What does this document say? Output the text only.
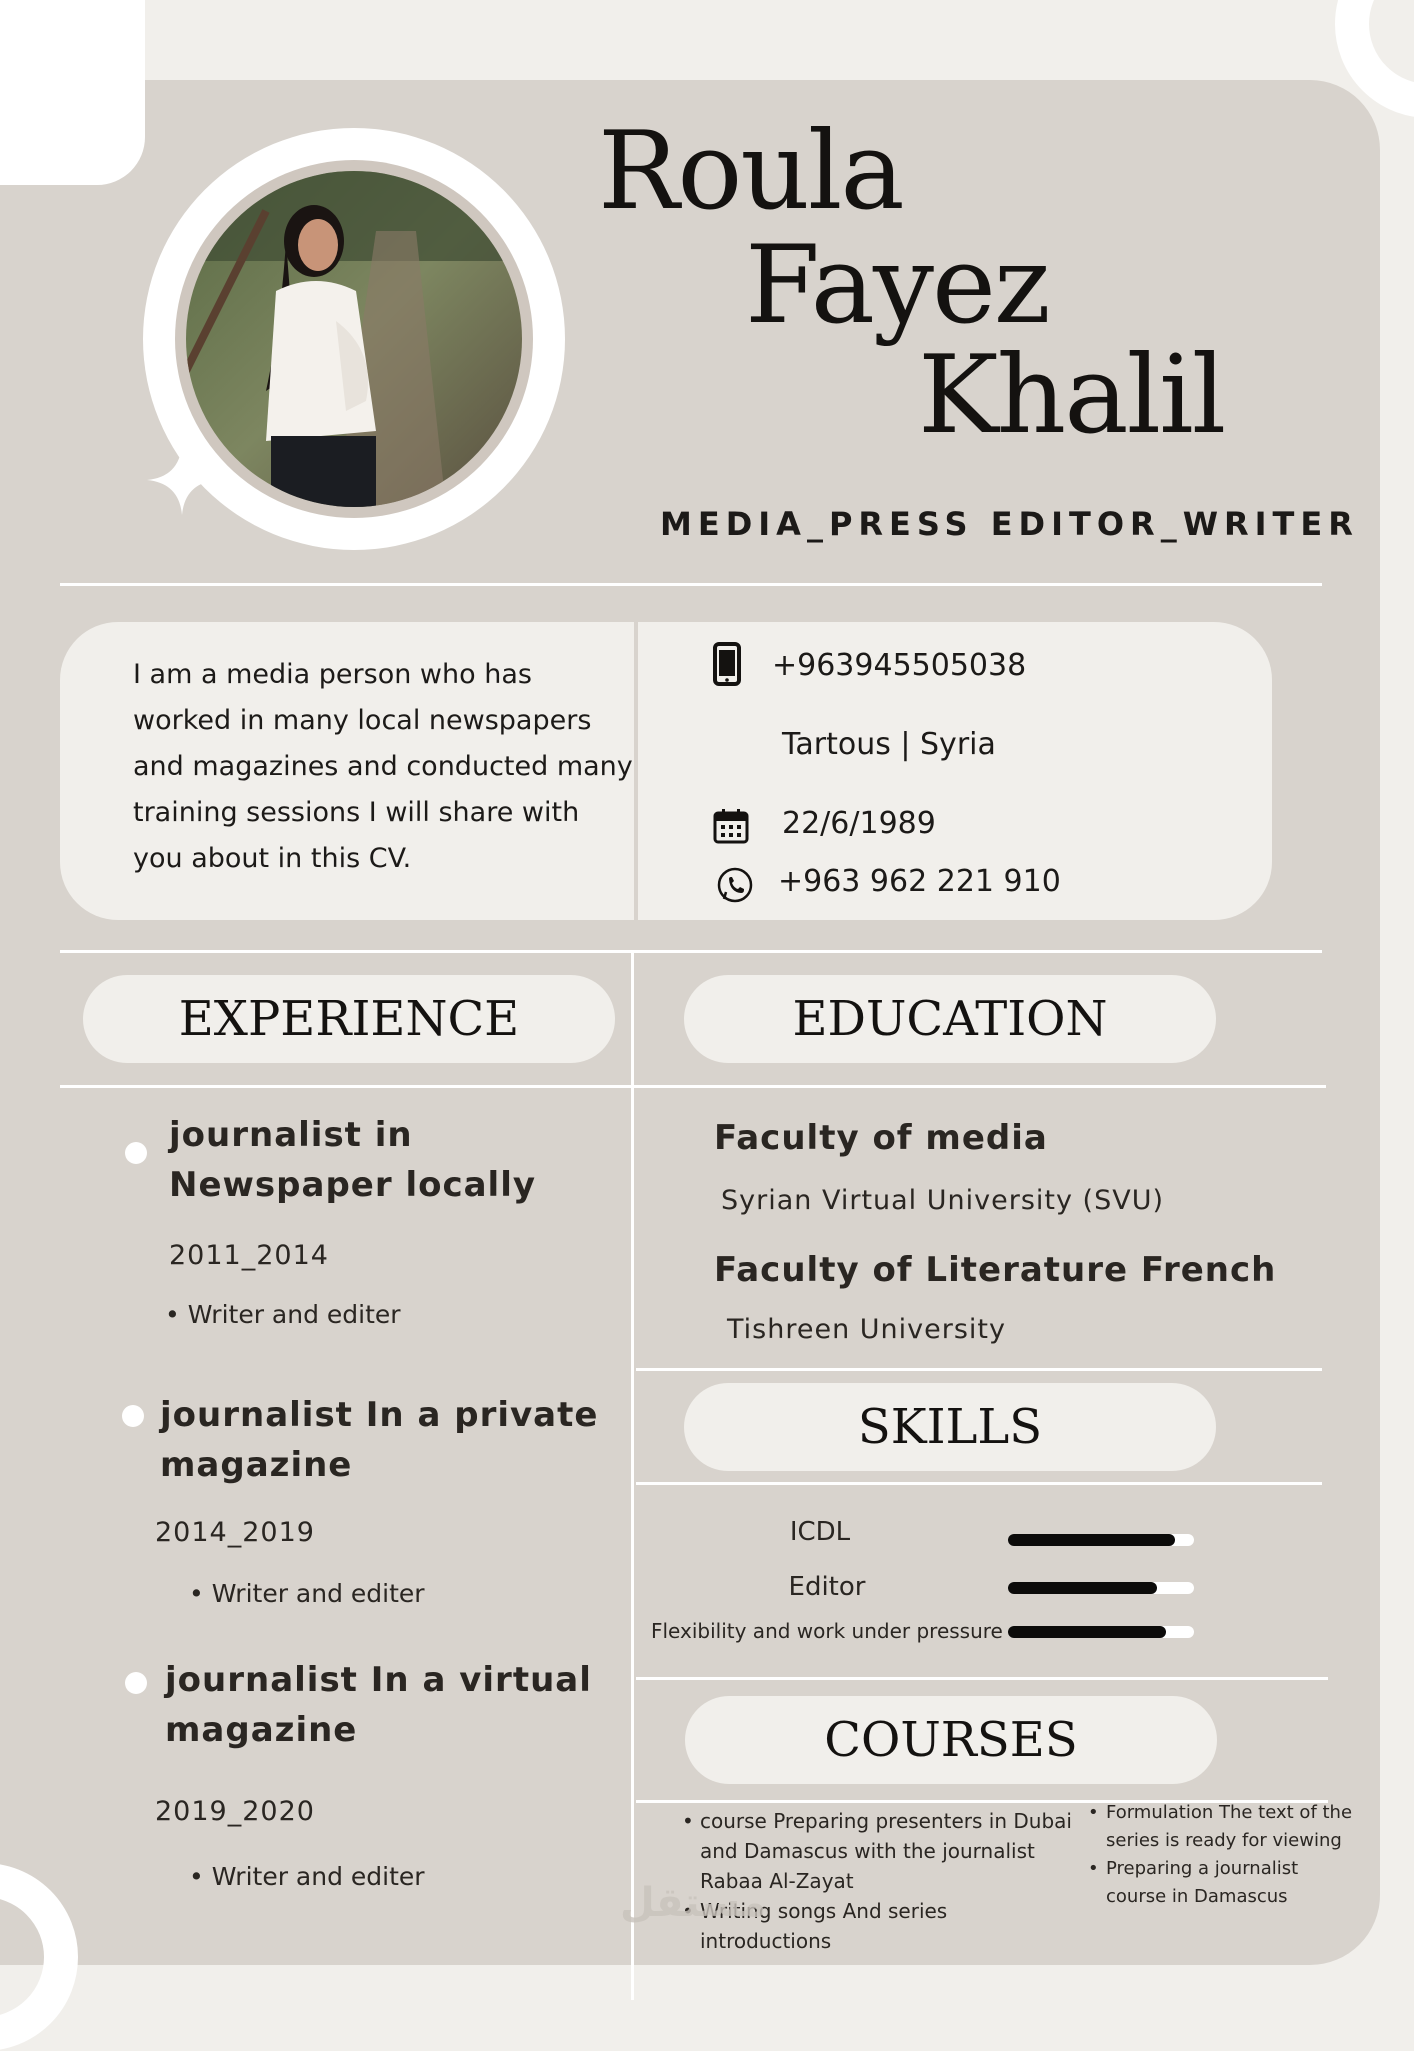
Roula
Fayez
Khalil
MEDIA_PRESS EDITOR_WRITER
I am a media person who has worked in many local newspapers and magazines and conducted many training sessions I will share with you about in this CV.
+963945505038
Tartous | Syria
22/6/1989
+963 962 221 910
EXPERIENCE	EDUCATION
SKILLS
COURSES
journalist in Newspaper locally
2011_2014
• Writer and editer
journalist In a private magazine
2014_2019
• Writer and editer
journalist In a virtual magazine
2019_2020
• Writer and editer
Faculty of media
Syrian Virtual University (SVU)
Faculty of Literature French
Tishreen University
ICDL
Editor
Flexibility and work under pressure
• course Preparing presenters in Dubai and Damascus with the journalist Rabaa Al-Zayat
• Writing songs And series introductions
• Formulation The text of the series is ready for viewing
• Preparing a journalist course in Damascus
مستقل
